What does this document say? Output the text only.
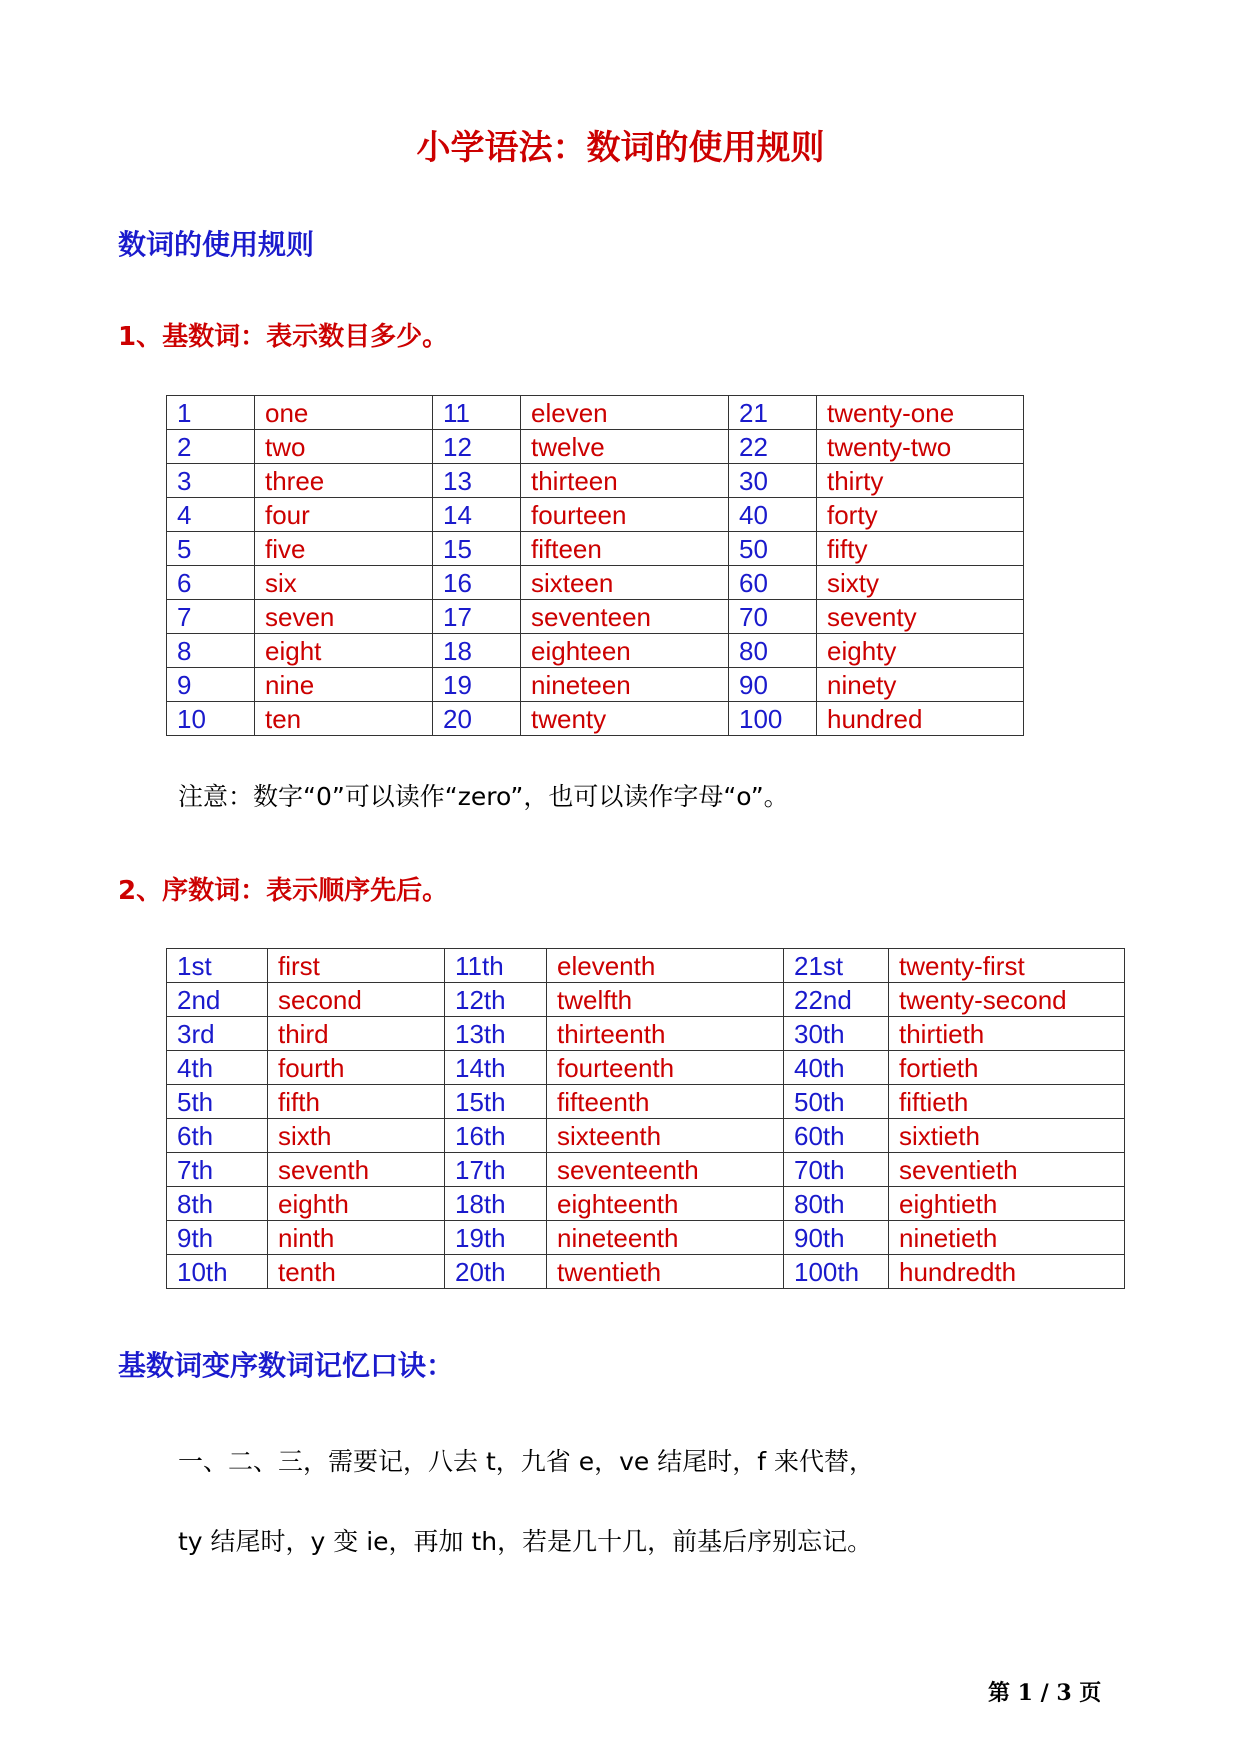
小学语法：数词的使用规则
数词的使用规则
1、基数词：表示数目多少。
1	one	11	eleven	21	twenty-one
2	two	12	twelve	22	twenty-two
3	three	13	thirteen	30	thirty
4	four	14	fourteen	40	forty
5	five	15	fifteen	50	fifty
6	six	16	sixteen	60	sixty
7	seven	17	seventeen	70	seventy
8	eight	18	eighteen	80	eighty
9	nine	19	nineteen	90	ninety
10	ten	20	twenty	100	hundred
注意：数字“0”可以读作“zero”，也可以读作字母“o”。
2、序数词：表示顺序先后。
1st	first	11th	eleventh	21st	twenty-first
2nd	second	12th	twelfth	22nd	twenty-second
3rd	third	13th	thirteenth	30th	thirtieth
4th	fourth	14th	fourteenth	40th	fortieth
5th	fifth	15th	fifteenth	50th	fiftieth
6th	sixth	16th	sixteenth	60th	sixtieth
7th	seventh	17th	seventeenth	70th	seventieth
8th	eighth	18th	eighteenth	80th	eightieth
9th	ninth	19th	nineteenth	90th	ninetieth
10th	tenth	20th	twentieth	100th	hundredth
基数词变序数词记忆口诀：
一、二、三，需要记，八去 t，九省 e，ve 结尾时，f 来代替，
ty 结尾时，y 变 ie，再加 th，若是几十几，前基后序别忘记。
第 1 / 3 页
